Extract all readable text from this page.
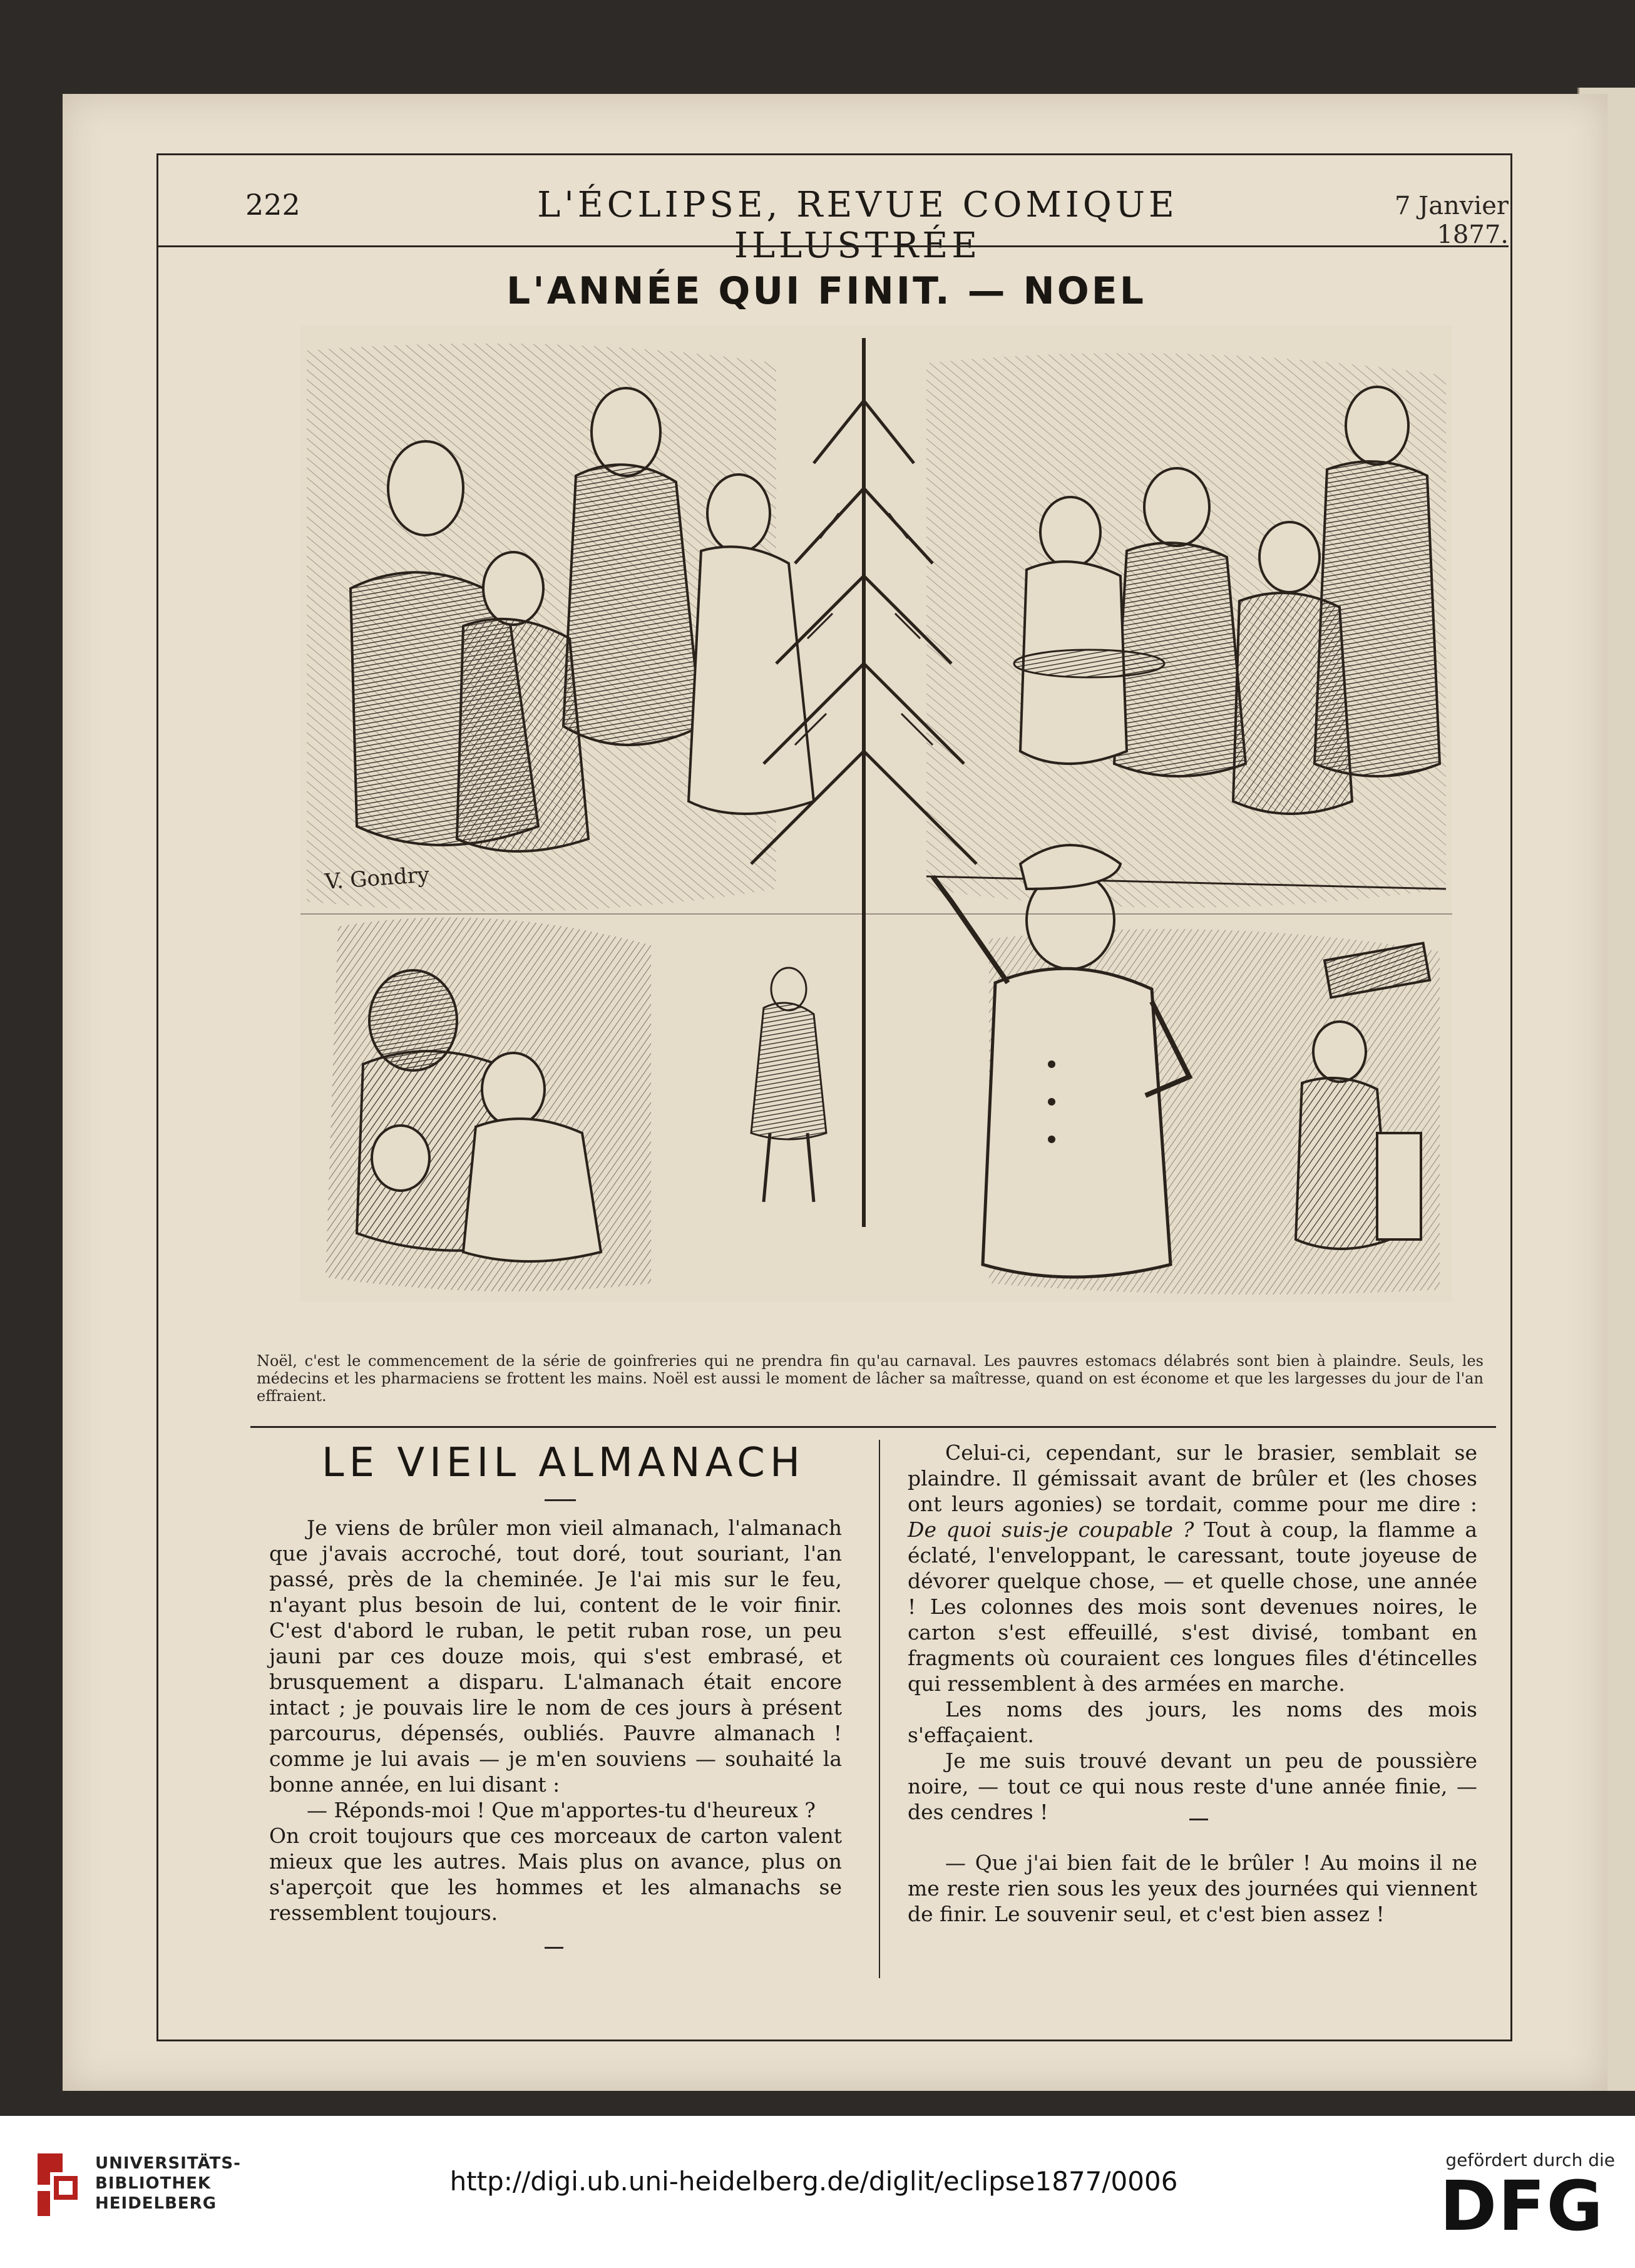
222	L'ÉCLIPSE, REVUE COMIQUE ILLUSTRÉE
7 Janvier 1877.
L'ANNÉE QUI FINIT. — NOEL
V. Gondry
Noël, c'est le commencement de la série de goinfreries qui ne prendra fin qu'au carnaval. Les pauvres estomacs délabrés sont bien à plaindre. Seuls, les médecins et les pharmaciens se frottent les mains. Noël est aussi le moment de lâcher sa maîtresse, quand on est économe et que les largesses du jour de l'an effraient.
LE VIEIL ALMANACH

Je viens de brûler mon vieil almanach, l'almanach que j'avais accroché, tout doré, tout souriant, l'an passé, près de la cheminée. Je l'ai mis sur le feu, n'ayant plus besoin de lui, content de le voir finir. C'est d'abord le ruban, le petit ruban rose, un peu jauni par ces douze mois, qui s'est embrasé, et brusquement a disparu. L'almanach était encore intact ; je pouvais lire le nom de ces jours à présent parcourus, dépensés, oubliés. Pauvre almanach ! comme je lui avais — je m'en souviens — souhaité la bonne année, en lui disant :

— Réponds-moi ! Que m'apportes-tu d'heureux ?

On croit toujours que ces morceaux de carton valent mieux que les autres. Mais plus on avance, plus on s'aperçoit que les hommes et les almanachs se ressemblent toujours.

Celui-ci, cependant, sur le brasier, semblait se plaindre. Il gémissait avant de brûler et (les choses ont leurs agonies) se tordait, comme pour me dire : De quoi suis-je coupable ? Tout à coup, la flamme a éclaté, l'enveloppant, le caressant, toute joyeuse de dévorer quelque chose, — et quelle chose, une année ! Les colonnes des mois sont devenues noires, le carton s'est effeuillé, s'est divisé, tombant en fragments où couraient ces longues files d'étincelles qui ressemblent à des armées en marche.

Les noms des jours, les noms des mois s'effaçaient.

Je me suis trouvé devant un peu de poussière noire, — tout ce qui nous reste d'une année finie, — des cendres !

— Que j'ai bien fait de le brûler ! Au moins il ne me reste rien sous les yeux des journées qui viennent de finir. Le souvenir seul, et c'est bien assez !

UNIVERSITÄTS-
BIBLIOTHEK
HEIDELBERG
http://digi.ub.uni-heidelberg.de/diglit/eclipse1877/0006
gefördert durch die
DFG
